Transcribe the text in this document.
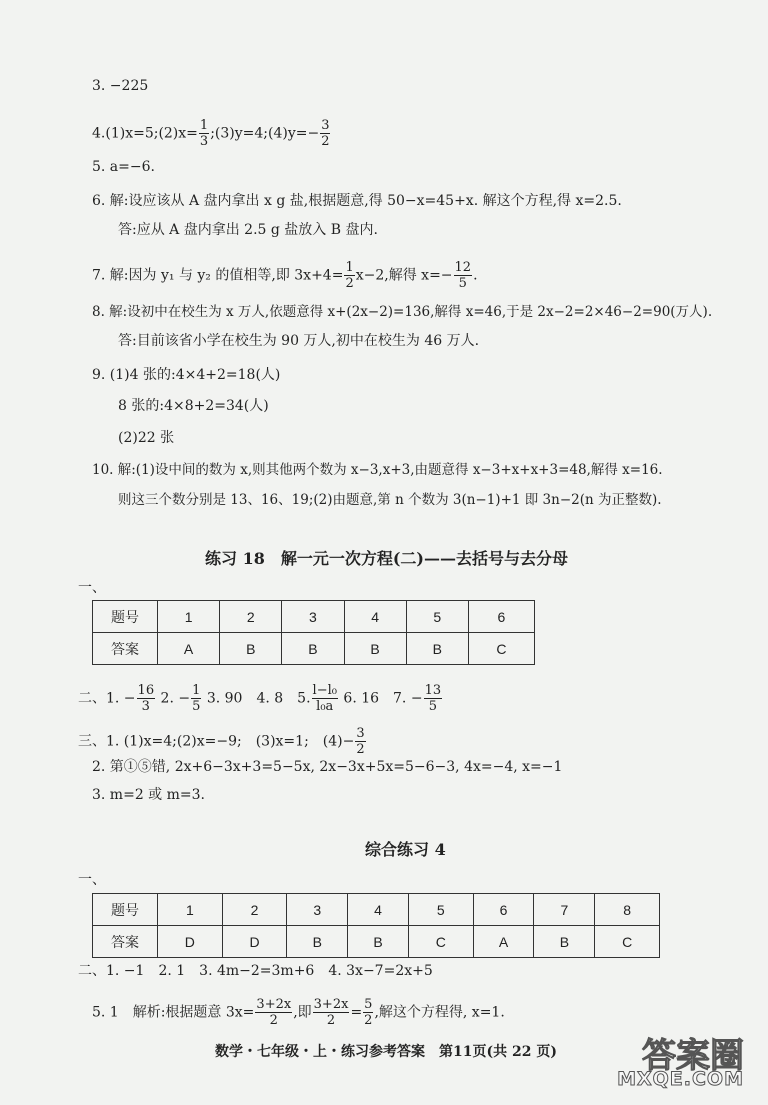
3. −225
4.(1)x=5;(2)x= $\frac{1}{3}$ ;(3)y=4;(4)y=− $\frac{3}{2}$
5. a=−6.
6. 解:设应该从 A 盘内拿出 x g 盐,根据题意,得 50−x=45+x. 解这个方程,得 x=2.5.
答:应从 A 盘内拿出 2.5 g 盐放入 B 盘内.
7. 解:因为 y₁ 与 y₂ 的值相等,即 $3x+4= \frac{1}{2} x-2$,解得 $x=- \frac{12}{5}$ .
8. 解:设初中在校生为 x 万人,依题意得 x+(2x−2)=136,解得 x=46,于是 2x−2=2×46−2=90(万人).
答:目前该省小学在校生为 90 万人,初中在校生为 46 万人.
9. (1)4 张的:4×4+2=18(人)
8 张的:4×8+2=34(人)
(2)22 张
10. 解:(1)设中间的数为 x,则其他两个数为 x−3,x+3,由题意得 x−3+x+x+3=48,解得 x=16.
则这三个数分别是 13、16、19;(2)由题意,第 n 个数为 3(n−1)+1 即 3n−2(n 为正整数).
练习 18　解一元一次方程(二)——去括号与去分母
一、
题号	1	2	3	4	5	6
答案	A	B	B	B	B	C
二、1. − $\frac{16}{3} 2$. − $\frac{1}{5} 3$. 90　4. 8　5. $\frac{\text{l−l₀}}{\text{l₀a}} 6$. 16　7. − $\frac{13}{5}$
三、1. (1)x=4;(2)x=−9;　(3)x=1;　$(4)- \frac{3}{2}$
2. 第①⑤错, 2x+6−3x+3=5−5x, 2x−3x+5x=5−6−3, 4x=−4, x=−1
3. m=2 或 m=3.
综合练习 4
一、
题号	1	2	3	4	5	6	7	8
答案	D	D	B	B	C	A	B	C
二、1. −1　2. 1　3. 4m−2=3m+6　4. 3x−7=2x+5
5. 1　解析:根据题意 $3x= \frac{3+2x}{2}$ ,即 $\frac{3+2x}{2} = \frac{5}{2}$ ,解这个方程得, x=1.
数学・七年级・上・练习参考答案　第11页(共 22 页)	答案圈
MXQE.COM
